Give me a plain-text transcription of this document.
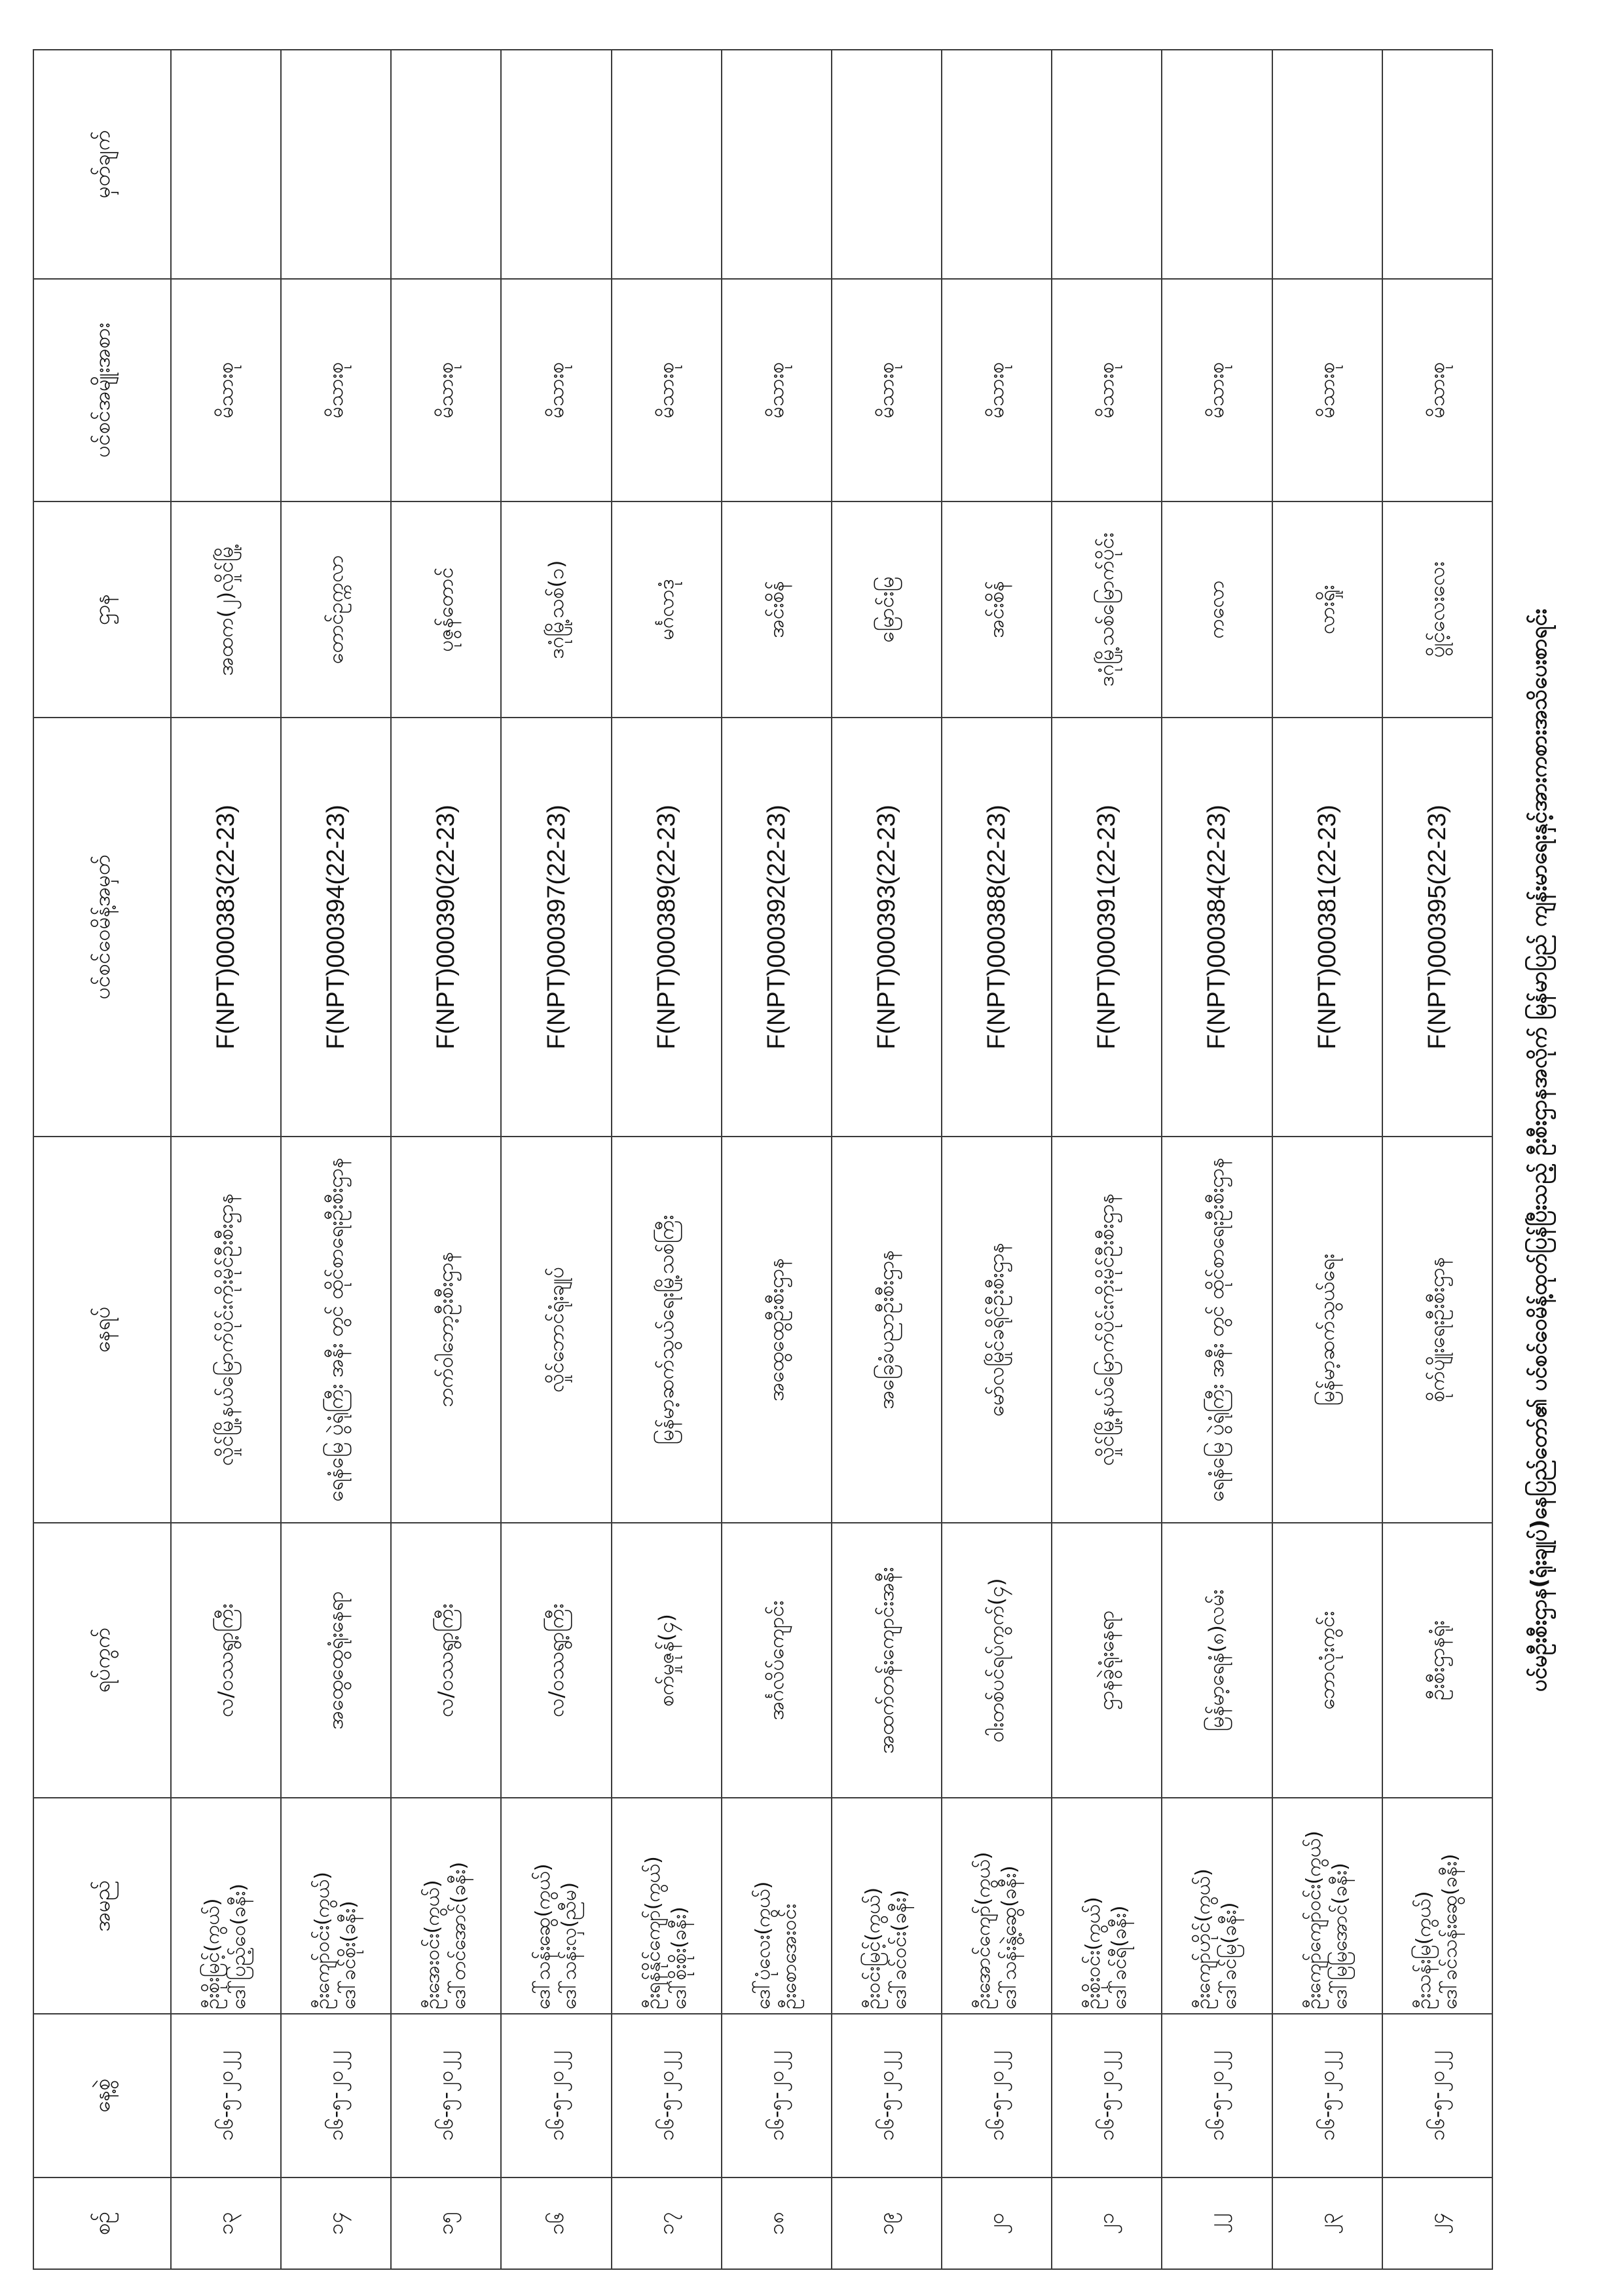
ပင်မဦးစီးဌာန(ရုံးချုပ်)နေပြည်တော်၏ ပင်စင်ဝေမိန့်ထုတ်ပြန်ပြီးသည့် ဦးစီးဌာနအလိုက် မြန်မာပြည် ကျန်းမာရေးနှင့်အားကစားအသိပေးစာရင်း
စဉ်	နေ့စွဲ	အမည်	ရပ်ကွက်	နေရပ်	ပင်စင်ဝေမိန့်အမှတ်	ဌာန	ပင်စင်အမျိုးအစား	မှတ်ချက်
၁၃	၁၆-၅-၂၀၂၂	ဦးစိုးမြင့်(ကွယ်) ဒေါ်ပြည့်ဝေ(ခနီး)	လ/၀ဿရွာ့ကြီး	လှိုင်မြို့နယ်မြောက်ပိုင်းကိုးမိုင်ဦးစီးဌာန	F(NPT)000383(22-23)	အထက(၂)လှိုင်မြို့	မိသားစု	
၁၄	၁၆-၅-၂၀၂၂	ဦးကျော်ဝင်း(ကွယ်) ဒေါ်ခင်စိုး(ခနီး)	အထွေထွေရုံးနေရာ	ရေနံမြေ ပွဲရုံကြီး အနီး တွင် ထိုင်စာရေးဦးစီးဌာန	F(NPT)000394(22-23)	တောင်ဥက္ကလာ	မိသားစု	
၁၅	၁၆-၅-၂၀၂၂	ဦးအေးဝင်း(ကွယ်) ဒေါ်တင်အောင်(ခနီး)	လ/၀ဿရွာ့ကြီး	ဘက်ဝါဘော့ဦးစီးဌာန	F(NPT)000390(22-23)	ပုဇွန်တောင်	မိသားစု	
၁၆	၁၆-၅-၂၀၂၂	ဒေါ်သန်းဆွေ(ကွယ်) ဒေါ်သန်းလှ(ညီမ)	လ/၀ဿရွာ့ကြီး	လှိုင်ဘောင်ရုံးချုပ်	F(NPT)000397(22-23)	ဒဂုံမြို့သစ်(၁)	မိသားစု	
၁၇	၁၆-၅-၂၀၂၂	ဦးရန်နိုင်ကျော်(ကွယ်) ဒေါ်စိုးစိုး(ခနီး)	စက်မှုဇုန်(၄)	မြန်မာ့ဆက်သွယ်ရေးမြို့သစ်ကြီး	F(NPT)000389(22-23)	မင်္ဂလာဒုံ	မိသားစု	
၁၈	၁၆-၅-၂၀၂၂	ဒေါ်ပုံလေး(ကွယ်) ဦးစောအေးဝင်း	အင်္ဂလိပ်ကျောင်း	အထွေထွေဦးစီးဌာန	F(NPT)000392(22-23)	အင်းစိန်	မိသားစု	
၁၉	၁၆-၅-၂၀၂၂	ဦးဝင်းမြင့်(ကွယ်) ဒေါ်ခင်ဝင်း(ခနီး)	အထက်တန်းကျောင်းအနီး	အခြေခံပညာဦးစီးဌာန	F(NPT)000393(22-23)	မြောင်းမြ	မိသားစု	
၂၀	၁၆-၅-၂၀၂၂	ဦးအောင်ကျော်(ကွယ်) ဒေါ်သန်းနွဲ့ဆွေ(ခနီး)	ဝါးတစ်ပင်ရပ်ကွက်(၄)	မော်လမြိုင်ခရိုင်ဦးစီးဌာန	F(NPT)000388(22-23)	အင်းစိန်	မိသားစု	
၂၁	၁၆-၅-၂၀၂၂	ဦးစိုးဝင်း(ကွယ်) ဒေါ်ခင်ရီ(ခနီး)	ဌာနခွဲရုံးနေရာ	လှိုင်မြို့နယ်မြောက်ပိုင်းကိုးမိုင်ဦးစီးဌာန	F(NPT)000391(22-23)	ဒဂုံမြို့သစ်မြောက်ပိုင်း	မိသားစု	
၂၂	၁၆-၅-၂၀၂၂	ဦးကျော်ဟိုင်(ကွယ်) ဒေါ်ခင်မြ(ခနီး)	မြန်မာ့ရေနံ(၈)လမ်း	ရေနံမြေ ပွဲရုံကြီး အနီး တွင် ထိုင်စာရေးဦးစီးဌာန	F(NPT)000384(22-23)	ကလော	မိသားစု	
၂၃	၁၆-၅-၂၀၂၂	ဦးကျော်ကျော်ဝင်း(ကွယ်) ဒေါ်မြမြအောင်(ခနီး)	ဘောလုံးကွင်း	မြန်မာ့ဆက်သွယ်ရေး	F(NPT)000381(22-23)	လားရှိုး	မိသားစု	
၂၄	၁၆-၅-၂၀၂၂	ဦးသန်းမြ(ကွယ်) ဒေါ်ခင်သန်းဆွေ(ခနီး)	ဦးစီးဌာနရုံး	စိုက်ပျိုးရေးဦးစီးဌာန	F(NPT)000395(22-23)	ပွိုင့်လေးလေး	မိသားစု	
